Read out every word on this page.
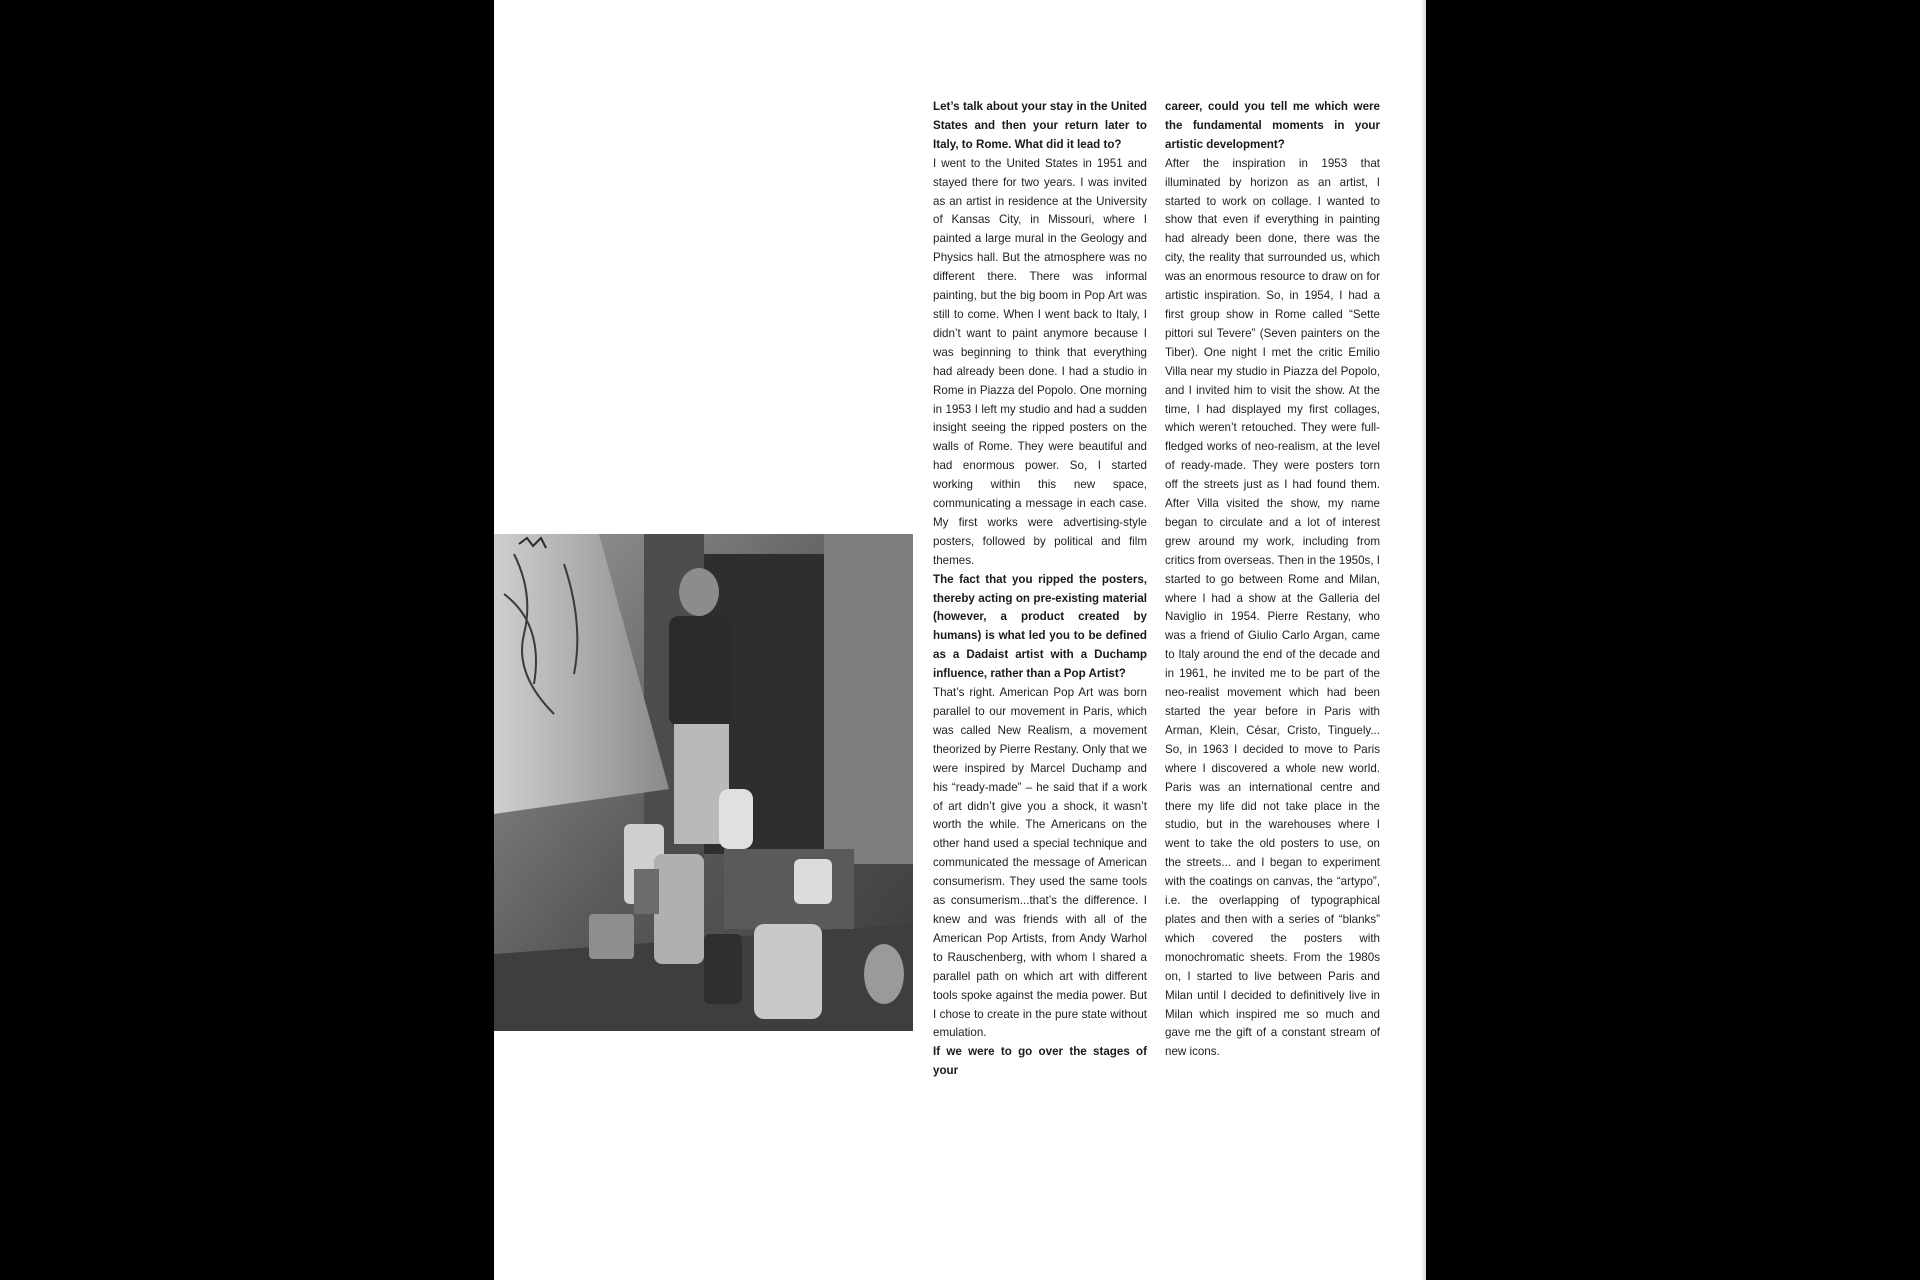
Let’s talk about your stay in the United States and then your return later to Italy, to Rome. What did it lead to?

I went to the United States in 1951 and stayed there for two years. I was invited as an artist in residence at the University of Kansas City, in Missouri, where I painted a large mural in the Geology and Physics hall. But the atmosphere was no different there. There was informal painting, but the big boom in Pop Art was still to come. When I went back to Italy, I didn’t want to paint anymore because I was beginning to think that everything had already been done. I had a studio in Rome in Piazza del Popolo. One morning in 1953 I left my studio and had a sudden insight seeing the ripped posters on the walls of Rome. They were beautiful and had enormous power. So, I started working within this new space, communicating a message in each case. My first works were advertising-style posters, followed by political and film themes.

The fact that you ripped the posters, thereby acting on pre-existing material (however, a product created by humans) is what led you to be defined as a Dadaist artist with a Duchamp influence, rather than a Pop Artist?

That’s right. American Pop Art was born parallel to our movement in Paris, which was called New Realism, a movement theorized by Pierre Restany. Only that we were inspired by Marcel Duchamp and his “ready-made” – he said that if a work of art didn’t give you a shock, it wasn’t worth the while. The Americans on the other hand used a special technique and communicated the message of American consumerism. They used the same tools as consumerism...that’s the difference. I knew and was friends with all of the American Pop Artists, from Andy Warhol to Rauschenberg, with whom I shared a parallel path on which art with different tools spoke against the media power. But I chose to create in the pure state without emulation.

If we were to go over the stages of your

career, could you tell me which were the fundamental moments in your artistic development?

After the inspiration in 1953 that illuminated by horizon as an artist, I started to work on collage. I wanted to show that even if everything in painting had already been done, there was the city, the reality that surrounded us, which was an enormous resource to draw on for artistic inspiration. So, in 1954, I had a first group show in Rome called “Sette pittori sul Tevere” (Seven painters on the Tiber). One night I met the critic Emilio Villa near my studio in Piazza del Popolo, and I invited him to visit the show. At the time, I had displayed my first collages, which weren’t retouched. They were full-fledged works of neo-realism, at the level of ready-made. They were posters torn off the streets just as I had found them. After Villa visited the show, my name began to circulate and a lot of interest grew around my work, including from critics from overseas. Then in the 1950s, I started to go between Rome and Milan, where I had a show at the Galleria del Naviglio in 1954. Pierre Restany, who was a friend of Giulio Carlo Argan, came to Italy around the end of the decade and in 1961, he invited me to be part of the neo-realist movement which had been started the year before in Paris with Arman, Klein, César, Cristo, Tinguely... So, in 1963 I decided to move to Paris where I discovered a whole new world. Paris was an international centre and there my life did not take place in the studio, but in the warehouses where I went to take the old posters to use, on the streets... and I began to experiment with the coatings on canvas, the “artypo”, i.e. the overlapping of typographical plates and then with a series of “blanks” which covered the posters with monochromatic sheets. From the 1980s on, I started to live between Paris and Milan until I decided to definitively live in Milan which inspired me so much and gave me the gift of a constant stream of new icons.
